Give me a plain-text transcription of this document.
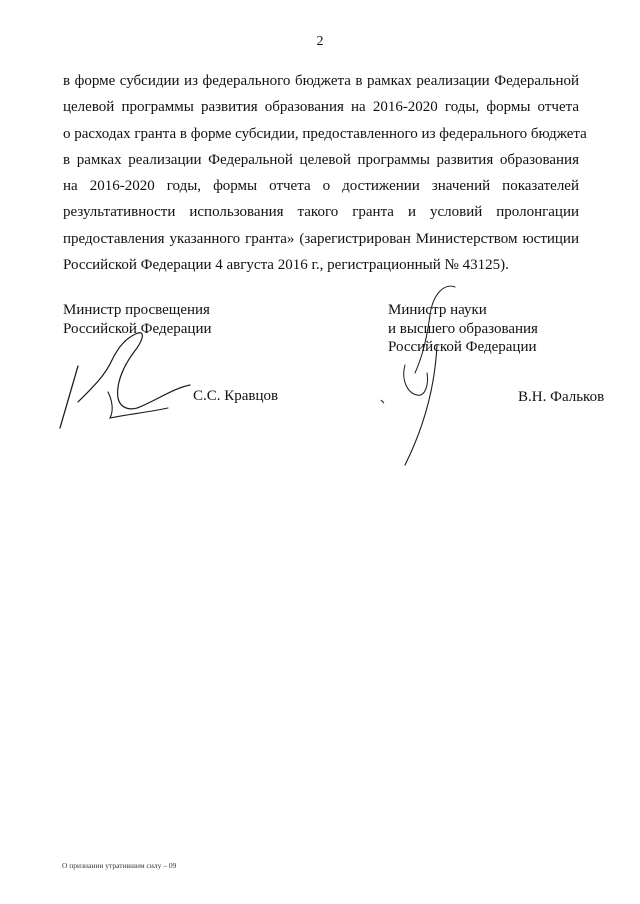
2
в форме субсидии из федерального бюджета в рамках реализации Федеральной
целевой программы развития образования на 2016-2020 годы, формы отчета
о расходах гранта в форме субсидии, предоставленного из федерального бюджета
в рамках реализации Федеральной целевой программы развития образования
на 2016-2020 годы, формы отчета о достижении значений показателей
результативности использования такого гранта и условий пролонгации
предоставления указанного гранта» (зарегистрирован Министерством юстиции
Российской Федерации 4 августа 2016 г., регистрационный № 43125).
Министр просвещения
Российской Федерации
Министр науки
и высшего образования
Российской Федерации
С.С. Кравцов	В.Н. Фальков
О признании утратившим силу – 09
